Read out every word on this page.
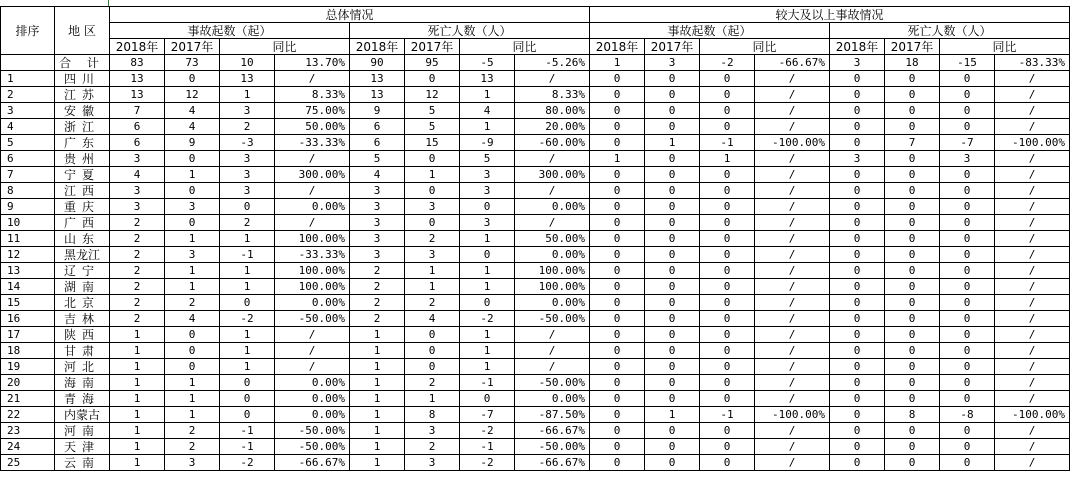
排序	地 区	总体情况								较大及以上事故情况							
		事故起数（起）				死亡人数（人）				事故起数（起）				死亡人数（人）			
		2018年	2017年	同比		2018年	2017年	同比		2018年	2017年	同比		2018年	2017年	同比	
	合 计	83	73	10	13.70%	90	95	-5	-5.26%	1	3	-2	-66.67%	3	18	-15	-83.33%
1	四川	13	0	13	/	13	0	13	/	0	0	0	/	0	0	0	/
2	江苏	13	12	1	8.33%	13	12	1	8.33%	0	0	0	/	0	0	0	/
3	安徽	7	4	3	75.00%	9	5	4	80.00%	0	0	0	/	0	0	0	/
4	浙江	6	4	2	50.00%	6	5	1	20.00%	0	0	0	/	0	0	0	/
5	广东	6	9	-3	-33.33%	6	15	-9	-60.00%	0	1	-1	-100.00%	0	7	-7	-100.00%
6	贵州	3	0	3	/	5	0	5	/	1	0	1	/	3	0	3	/
7	宁夏	4	1	3	300.00%	4	1	3	300.00%	0	0	0	/	0	0	0	/
8	江西	3	0	3	/	3	0	3	/	0	0	0	/	0	0	0	/
9	重庆	3	3	0	0.00%	3	3	0	0.00%	0	0	0	/	0	0	0	/
10	广西	2	0	2	/	3	0	3	/	0	0	0	/	0	0	0	/
11	山东	2	1	1	100.00%	3	2	1	50.00%	0	0	0	/	0	0	0	/
12	黑龙江	2	3	-1	-33.33%	3	3	0	0.00%	0	0	0	/	0	0	0	/
13	辽宁	2	1	1	100.00%	2	1	1	100.00%	0	0	0	/	0	0	0	/
14	湖南	2	1	1	100.00%	2	1	1	100.00%	0	0	0	/	0	0	0	/
15	北京	2	2	0	0.00%	2	2	0	0.00%	0	0	0	/	0	0	0	/
16	吉林	2	4	-2	-50.00%	2	4	-2	-50.00%	0	0	0	/	0	0	0	/
17	陕西	1	0	1	/	1	0	1	/	0	0	0	/	0	0	0	/
18	甘肃	1	0	1	/	1	0	1	/	0	0	0	/	0	0	0	/
19	河北	1	0	1	/	1	0	1	/	0	0	0	/	0	0	0	/
20	海南	1	1	0	0.00%	1	2	-1	-50.00%	0	0	0	/	0	0	0	/
21	青海	1	1	0	0.00%	1	1	0	0.00%	0	0	0	/	0	0	0	/
22	内蒙古	1	1	0	0.00%	1	8	-7	-87.50%	0	1	-1	-100.00%	0	8	-8	-100.00%
23	河南	1	2	-1	-50.00%	1	3	-2	-66.67%	0	0	0	/	0	0	0	/
24	天津	1	2	-1	-50.00%	1	2	-1	-50.00%	0	0	0	/	0	0	0	/
25	云南	1	3	-2	-66.67%	1	3	-2	-66.67%	0	0	0	/	0	0	0	/
